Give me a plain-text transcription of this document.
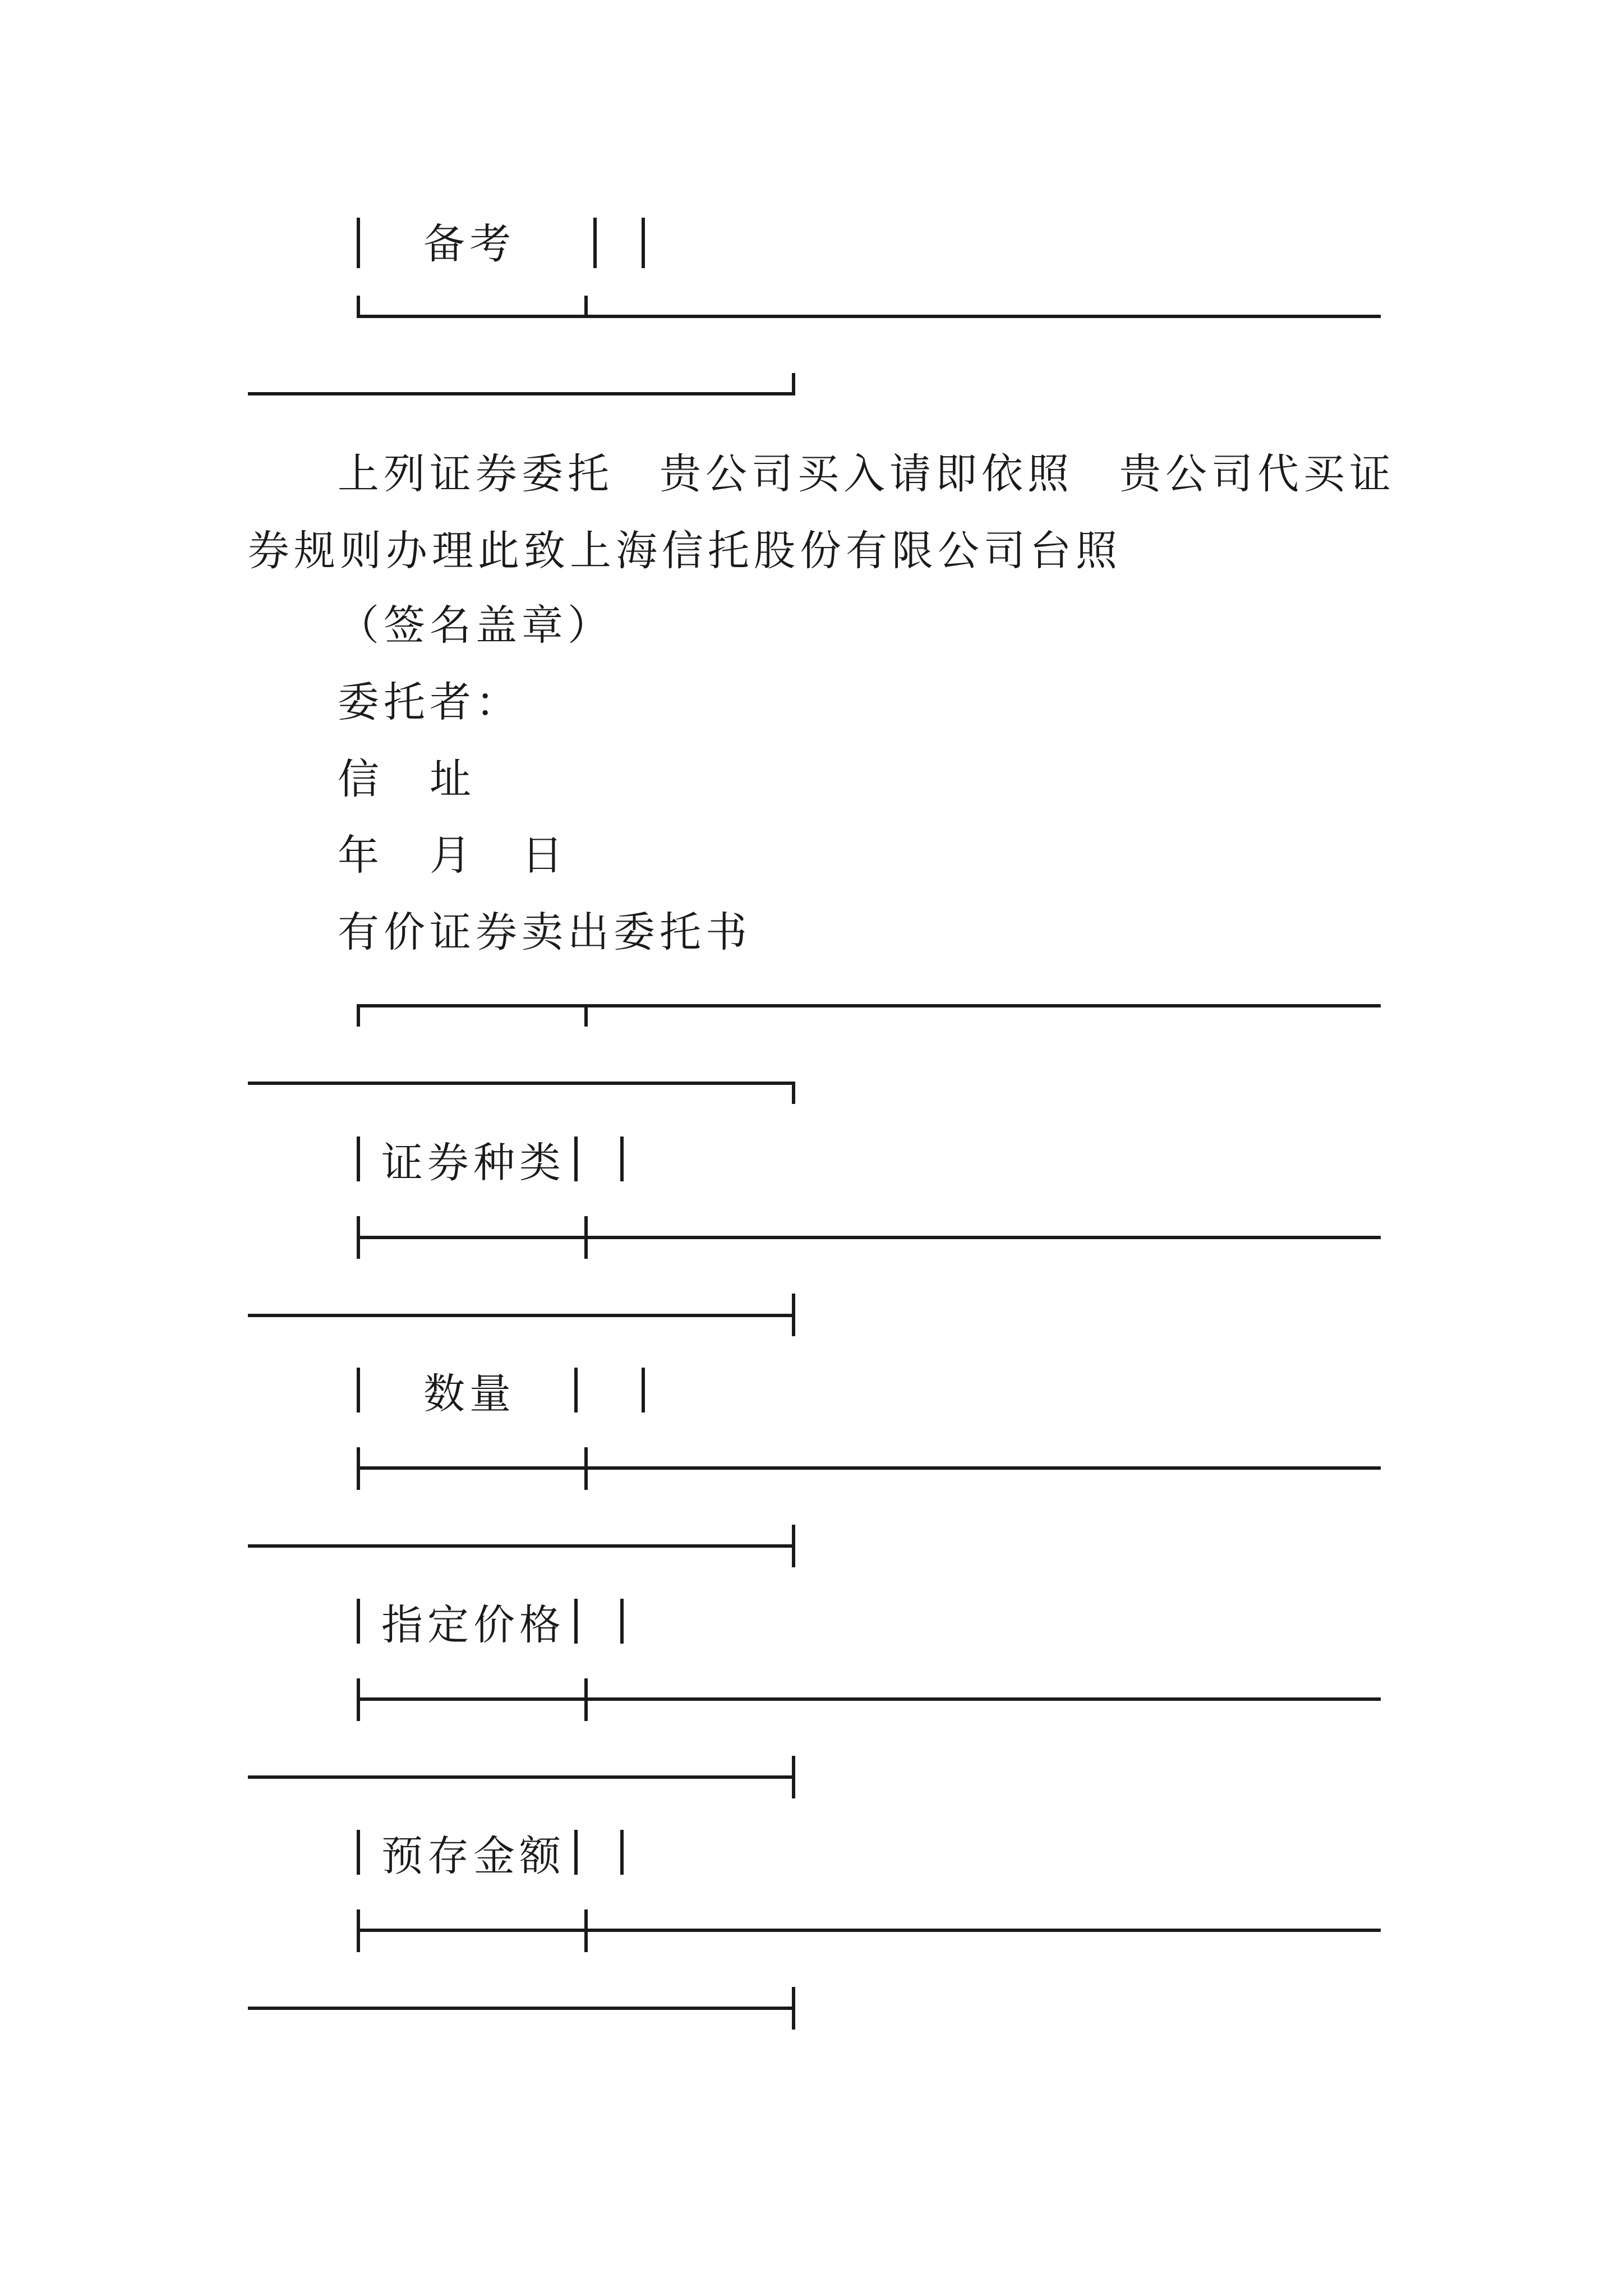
备考
上列证券委托　贵公司买入请即依照　贵公司代买证
券规则办理此致上海信托股份有限公司台照
（签名盖章）
委托者：
信　址
年　月　日
有价证券卖出委托书
证券种类
数量
指定价格
预存金额
